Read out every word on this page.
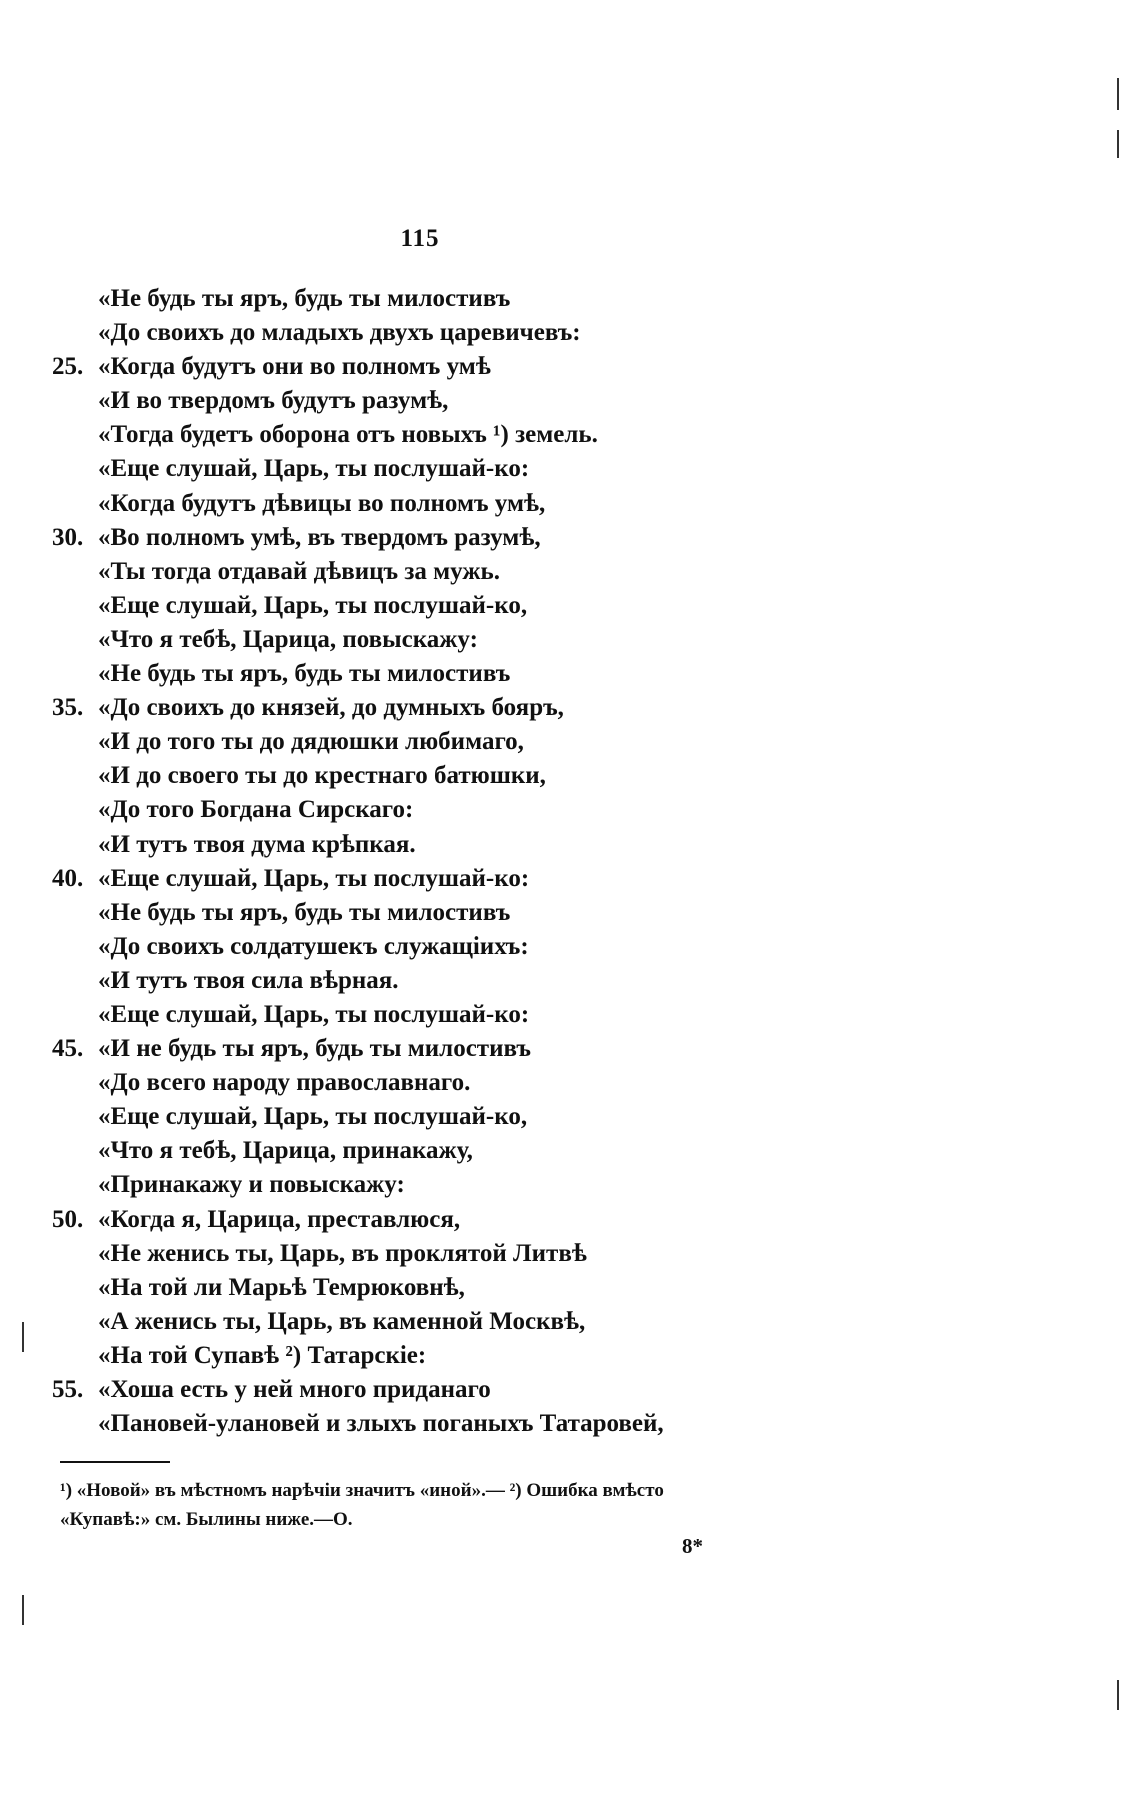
115
«Не будь ты яръ, будь ты милостивъ
«До своихъ до младыхъ двухъ царевичевъ:
25. «Когда будутъ они во полномъ умѣ
«И во твердомъ будутъ разумѣ,
«Тогда будетъ оборона отъ новыхъ ¹) земель.
«Еще слушай, Царь, ты послушай-ко:
«Когда будутъ дѣвицы во полномъ умѣ,
30. «Во полномъ умѣ, въ твердомъ разумѣ,
«Ты тогда отдавай дѣвицъ за мужь.
«Еще слушай, Царь, ты послушай-ко,
«Что я тебѣ, Царица, повыскажу:
«Не будь ты яръ, будь ты милостивъ
35. «До своихъ до князей, до думныхъ бояръ,
«И до того ты до дядюшки любимаго,
«И до своего ты до крестнаго батюшки,
«До того Богдана Сирскаго:
«И тутъ твоя дума крѣпкая.
40. «Еще слушай, Царь, ты послушай-ко:
«Не будь ты яръ, будь ты милостивъ
«До своихъ солдатушекъ служащіихъ:
«И тутъ твоя сила вѣрная.
«Еще слушай, Царь, ты послушай-ко:
45. «И не будь ты яръ, будь ты милостивъ
«До всего народу православнаго.
«Еще слушай, Царь, ты послушай-ко,
«Что я тебѣ, Царица, принакажу,
«Принакажу и повыскажу:
50. «Когда я, Царица, преставлюся,
«Не женись ты, Царь, въ проклятой Литвѣ
«На той ли Марьѣ Темрюковнѣ,
«А женись ты, Царь, въ каменной Москвѣ,
«На той Супавѣ ²) Татарскіе:
55. «Хоша есть у ней много приданаго
«Пановей-улановей и злыхъ поганыхъ Татаровей,
¹) «Новой» въ мѣстномъ нарѣчіи значитъ «иной».— ²) Ошибка вмѣсто
«Купавѣ:» см. Былины ниже.—О.
8*
